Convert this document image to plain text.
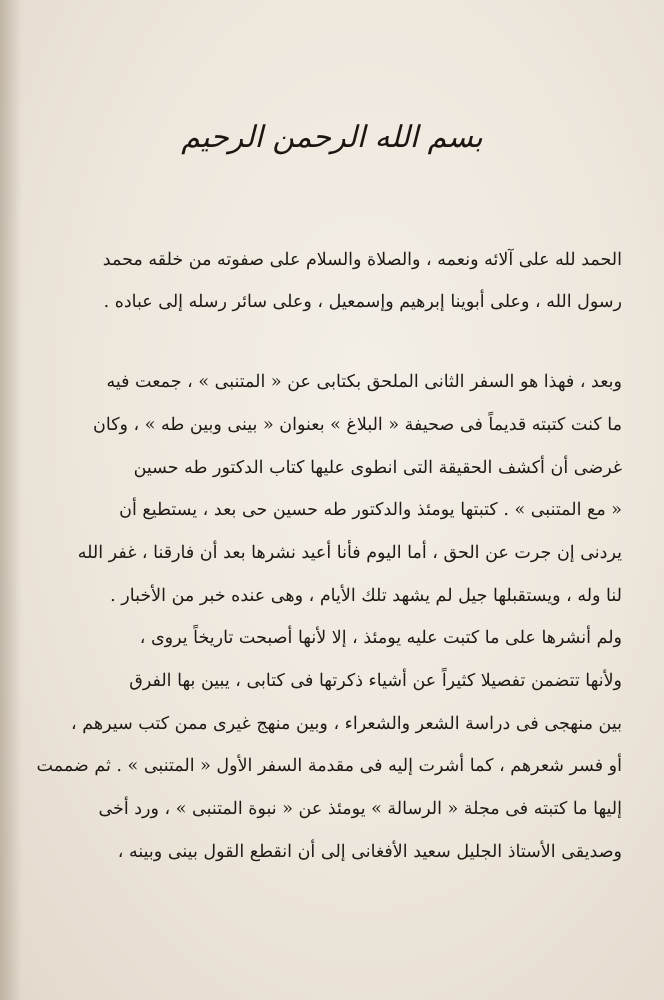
بسم الله الرحمن الرحيم
الحمد لله على آلائه ونعمه ، والصلاة والسلام على صفوته من خلقه محمد
رسول الله ، وعلى أبوينا إبرهيم وإسمعيل ، وعلى سائر رسله إلى عباده .
وبعد ، فهذا هو السفر الثانى الملحق بكتابى عن « المتنبى » ، جمعت فيه
ما كنت كتبته قديماً فى صحيفة « البلاغ » بعنوان « بينى وبين طه » ، وكان
غرضى أن أكشف الحقيقة التى انطوى عليها كتاب الدكتور طه حسين
« مع المتنبى » . كتبتها يومئذ والدكتور طه حسين حى بعد ، يستطيع أن
يردنى إن جرت عن الحق ، أما اليوم فأنا أعيد نشرها بعد أن فارقنا ، غفر الله
لنا وله ، ويستقبلها جيل لم يشهد تلك الأيام ، وهى عنده خبر من الأخبار .
ولم أنشرها على ما كتبت عليه يومئذ ، إلا لأنها أصبحت تاريخاً يروى ،
ولأنها تتضمن تفصيلا كثيراً عن أشياء ذكرتها فى كتابى ، يبين بها الفرق
بين منهجى فى دراسة الشعر والشعراء ، وبين منهج غيرى ممن كتب سيرهم ،
أو فسر شعرهم ، كما أشرت إليه فى مقدمة السفر الأول « المتنبى » . ثم ضممت
إليها ما كتبته فى مجلة « الرسالة » يومئذ عن « نبوة المتنبى » ، ورد أخى
وصديقى الأستاذ الجليل سعيد الأفغانى إلى أن انقطع القول بينى وبينه ،
